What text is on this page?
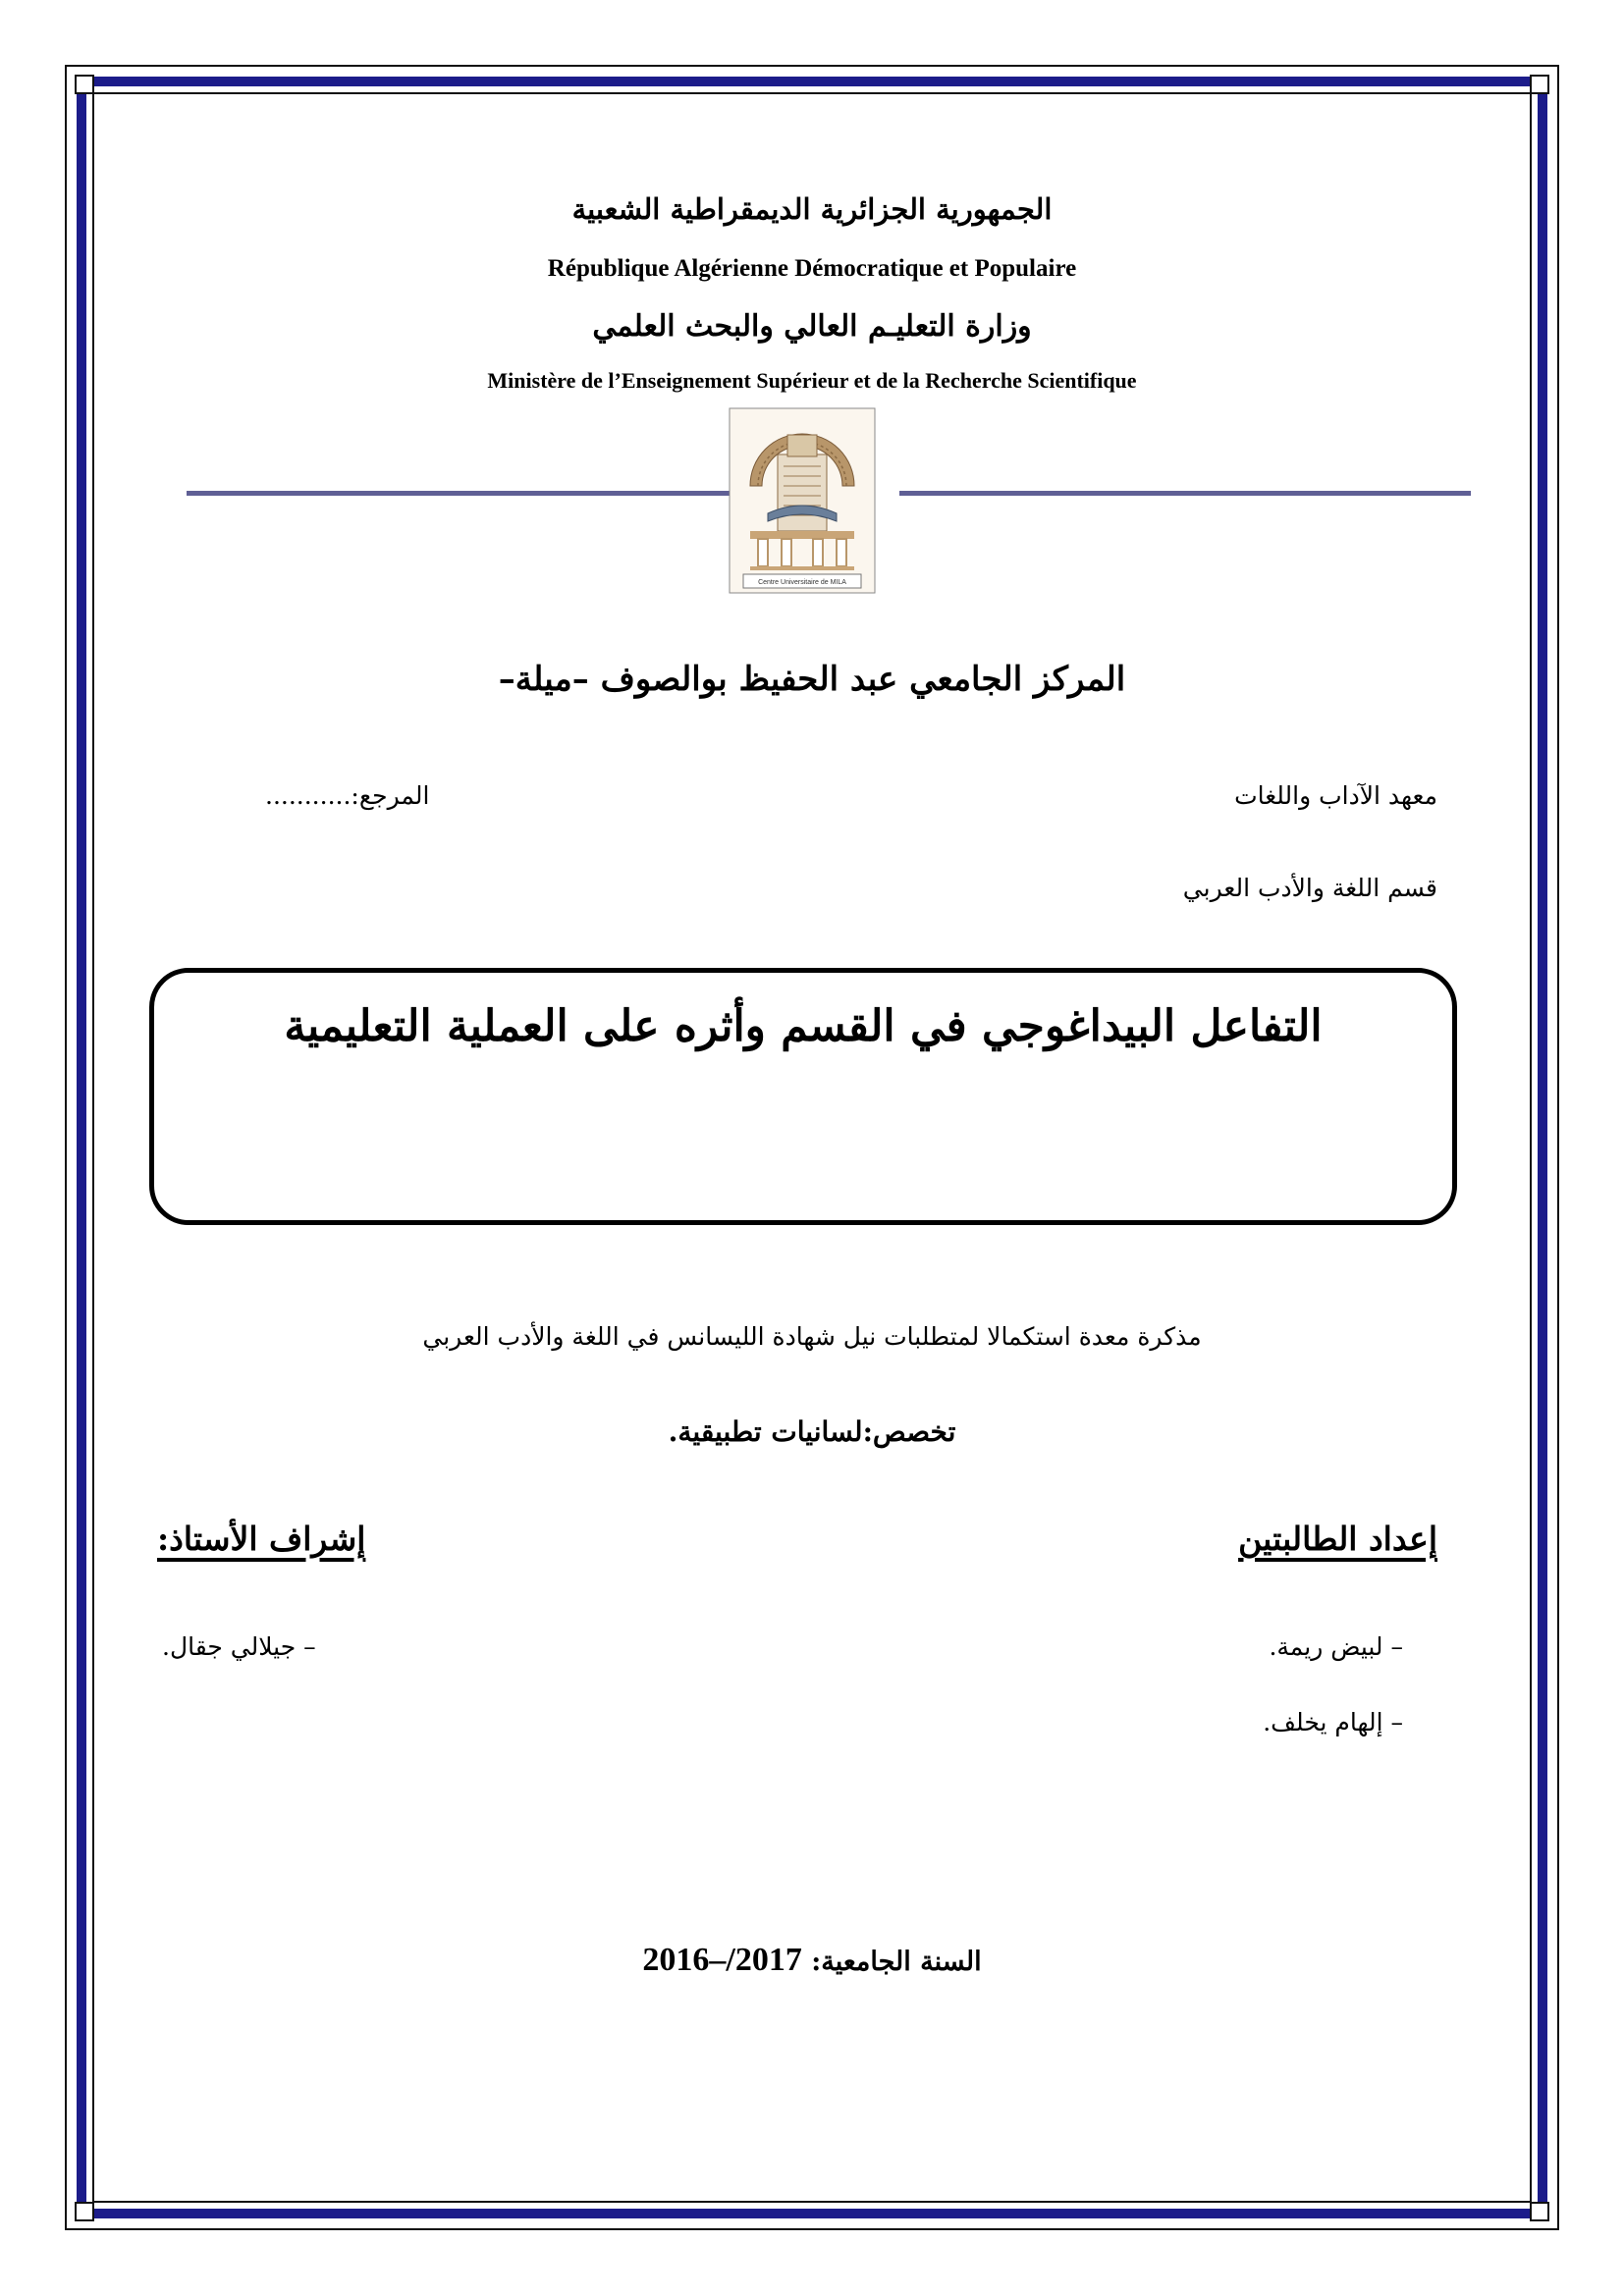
الجمهورية الجزائرية الديمقراطية الشعبية
République Algérienne Démocratique et Populaire
وزارة التعليـم العالي والبحث العلمي
Ministère de l’Enseignement Supérieur et de la Recherche Scientifique
Centre Universitaire de MILA
المركز الجامعي عبد الحفيظ بوالصوف –ميلة–
معهد الآداب واللغات
المرجع:...........
قسم اللغة والأدب العربي
التفاعل البيداغوجي في القسم وأثره على العملية التعليمية
مذكرة معدة استكمالا لمتطلبات نيل شهادة الليسانس في اللغة والأدب العربي
تخصص:لسانيات تطبيقية.
إعداد الطالبتين
إشراف الأستاذ:
– لبيض ريمة.
– إلهام يخلف.
– جيلالي جقال.
السنة الجامعية: 2016–/2017
